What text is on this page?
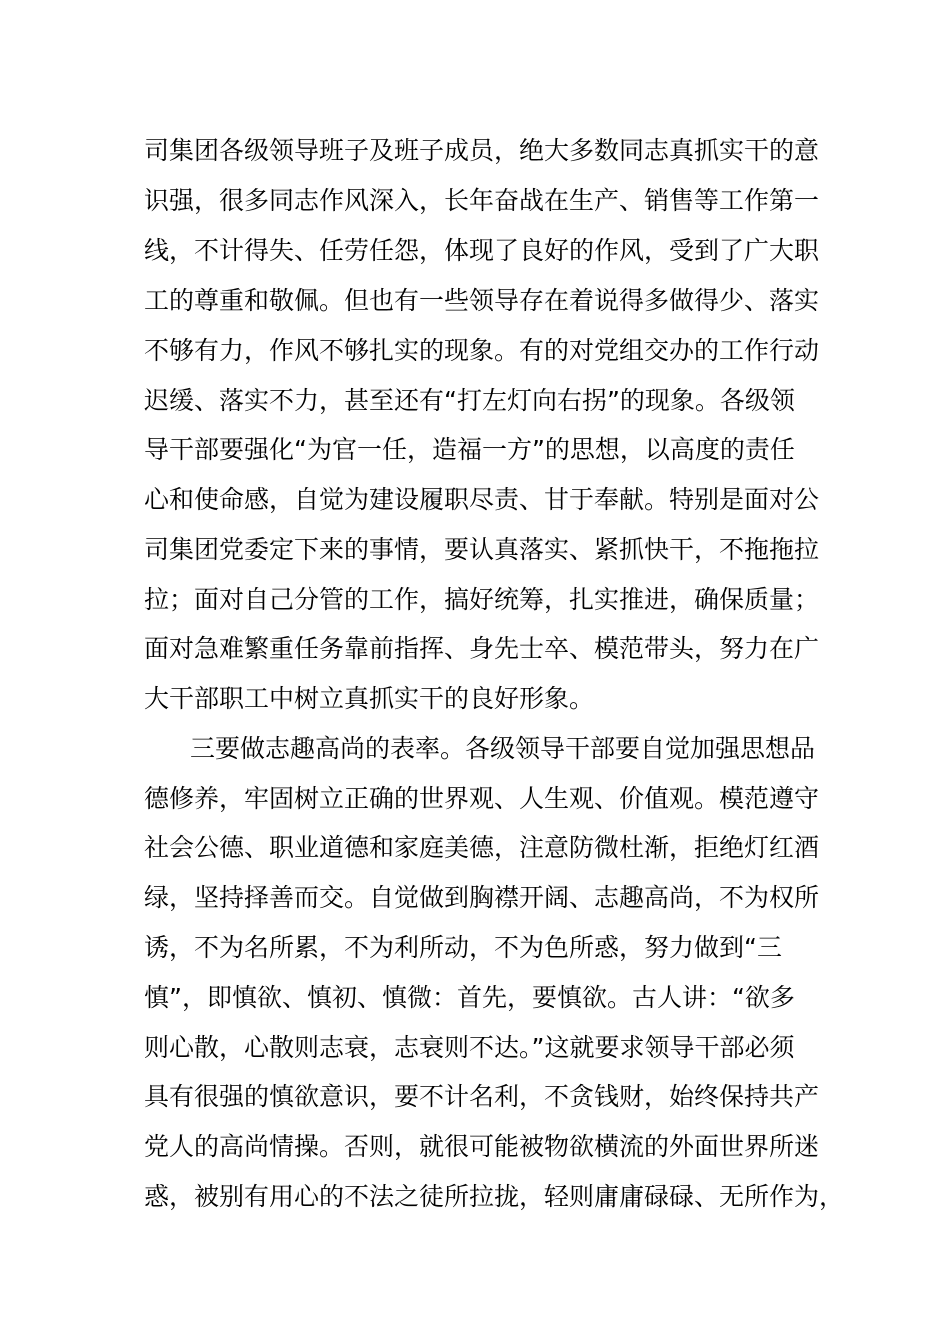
司集团各级领导班子及班子成员，绝大多数同志真抓实干的意
识强，很多同志作风深入，长年奋战在生产、销售等工作第一
线，不计得失、任劳任怨，体现了良好的作风，受到了广大职
工的尊重和敬佩。但也有一些领导存在着说得多做得少、落实
不够有力，作风不够扎实的现象。有的对党组交办的工作行动
迟缓、落实不力，甚至还有“打左灯向右拐”的现象。各级领
导干部要强化“为官一任，造福一方”的思想，以高度的责任
心和使命感，自觉为建设履职尽责、甘于奉献。特别是面对公
司集团党委定下来的事情，要认真落实、紧抓快干，不拖拖拉
拉；面对自己分管的工作，搞好统筹，扎实推进，确保质量；
面对急难繁重任务靠前指挥、身先士卒、模范带头，努力在广
大干部职工中树立真抓实干的良好形象。
三要做志趣高尚的表率。各级领导干部要自觉加强思想品
德修养，牢固树立正确的世界观、人生观、价值观。模范遵守
社会公德、职业道德和家庭美德，注意防微杜渐，拒绝灯红酒
绿，坚持择善而交。自觉做到胸襟开阔、志趣高尚，不为权所
诱，不为名所累，不为利所动，不为色所惑，努力做到“三
慎”，即慎欲、慎初、慎微：首先，要慎欲。古人讲：“欲多
则心散，心散则志衰，志衰则不达。”这就要求领导干部必须
具有很强的慎欲意识，要不计名利，不贪钱财，始终保持共产
党人的高尚情操。否则，就很可能被物欲横流的外面世界所迷
惑，被别有用心的不法之徒所拉拢，轻则庸庸碌碌、无所作为，
